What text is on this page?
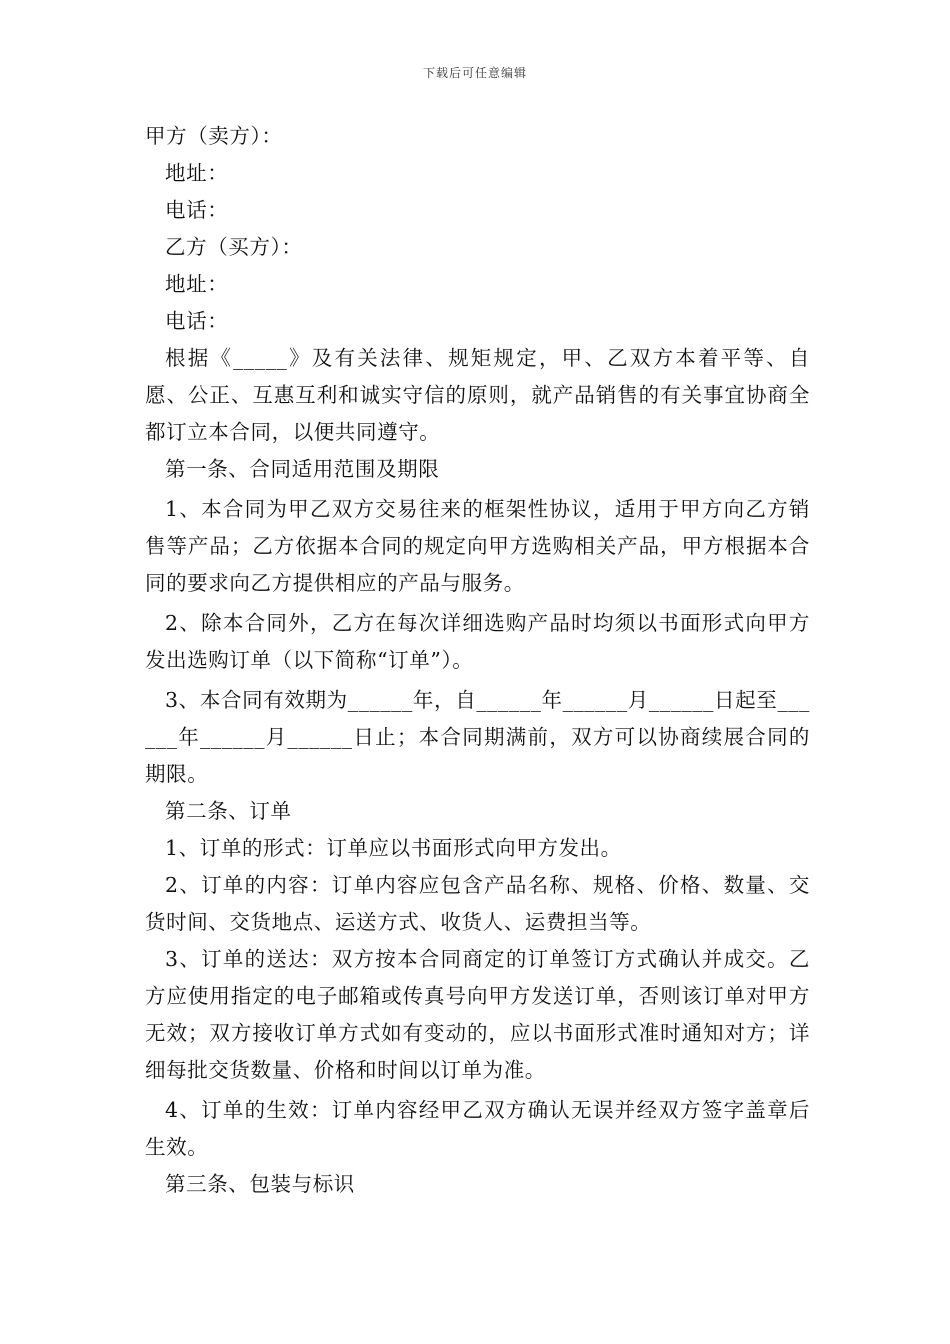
下载后可任意编辑

甲方（卖方）：

地址：

电话：

乙方（买方）：

地址：

电话：

根据《_____》及有关法律、规矩规定，甲、乙双方本着平等、自愿、公正、互惠互利和诚实守信的原则，就产品销售的有关事宜协商全都订立本合同，以便共同遵守。

第一条、合同适用范围及期限

1、本合同为甲乙双方交易往来的框架性协议，适用于甲方向乙方销售等产品；乙方依据本合同的规定向甲方选购相关产品，甲方根据本合同的要求向乙方提供相应的产品与服务。

2、除本合同外，乙方在每次详细选购产品时均须以书面形式向甲方发出选购订单（以下简称“订单”）。

3、本合同有效期为______年，自______年______月______日起至______年______月______日止；本合同期满前，双方可以协商续展合同的期限。

第二条、订单

1、订单的形式：订单应以书面形式向甲方发出。

2、订单的内容：订单内容应包含产品名称、规格、价格、数量、交货时间、交货地点、运送方式、收货人、运费担当等。

3、订单的送达：双方按本合同商定的订单签订方式确认并成交。乙方应使用指定的电子邮箱或传真号向甲方发送订单，否则该订单对甲方无效；双方接收订单方式如有变动的，应以书面形式准时通知对方；详细每批交货数量、价格和时间以订单为准。

4、订单的生效：订单内容经甲乙双方确认无误并经双方签字盖章后生效。

第三条、包装与标识
